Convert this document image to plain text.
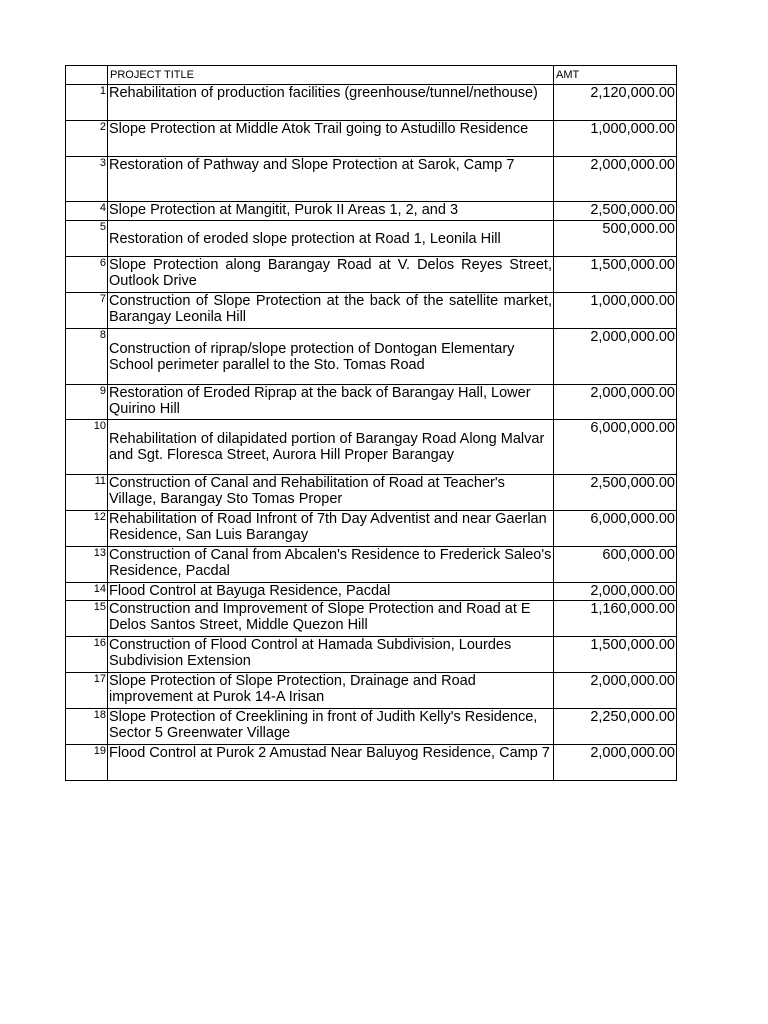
	PROJECT TITLE	AMT
1	Rehabilitation of production facilities (greenhouse/tunnel/nethouse)	2,120,000.00
2	Slope Protection at Middle Atok Trail going to Astudillo Residence	1,000,000.00
3	Restoration of Pathway and Slope Protection at Sarok, Camp 7	2,000,000.00
4	Slope Protection at Mangitit, Purok II Areas 1, 2, and 3	2,500,000.00
5	Restoration of eroded slope protection at Road 1, Leonila Hill	500,000.00
6	Slope Protection along Barangay Road at V. Delos Reyes Street, Outlook Drive	1,500,000.00
7	Construction of Slope Protection at the back of the satellite market, Barangay Leonila Hill	1,000,000.00
8	Construction of riprap/slope protection of Dontogan Elementary School perimeter parallel to the Sto. Tomas Road	2,000,000.00
9	Restoration of Eroded Riprap at the back of Barangay Hall, Lower Quirino Hill	2,000,000.00
10	Rehabilitation of dilapidated portion of Barangay Road Along Malvar and Sgt. Floresca Street, Aurora Hill Proper Barangay	6,000,000.00
11	Construction of Canal and Rehabilitation of Road at Teacher's Village, Barangay Sto Tomas Proper	2,500,000.00
12	Rehabilitation of Road Infront of 7th Day Adventist and near Gaerlan Residence, San Luis Barangay	6,000,000.00
13	Construction of Canal from Abcalen's Residence to Frederick Saleo's Residence, Pacdal	600,000.00
14	Flood Control at Bayuga Residence, Pacdal	2,000,000.00
15	Construction and Improvement of Slope Protection and Road at E Delos Santos Street, Middle Quezon Hill	1,160,000.00
16	Construction of Flood Control at Hamada Subdivision, Lourdes Subdivision Extension	1,500,000.00
17	Slope Protection of Slope Protection, Drainage and Road improvement at Purok 14-A Irisan	2,000,000.00
18	Slope Protection of Creeklining in front of Judith Kelly's Residence, Sector 5 Greenwater Village	2,250,000.00
19	Flood Control at Purok 2 Amustad Near Baluyog Residence, Camp 7	2,000,000.00
